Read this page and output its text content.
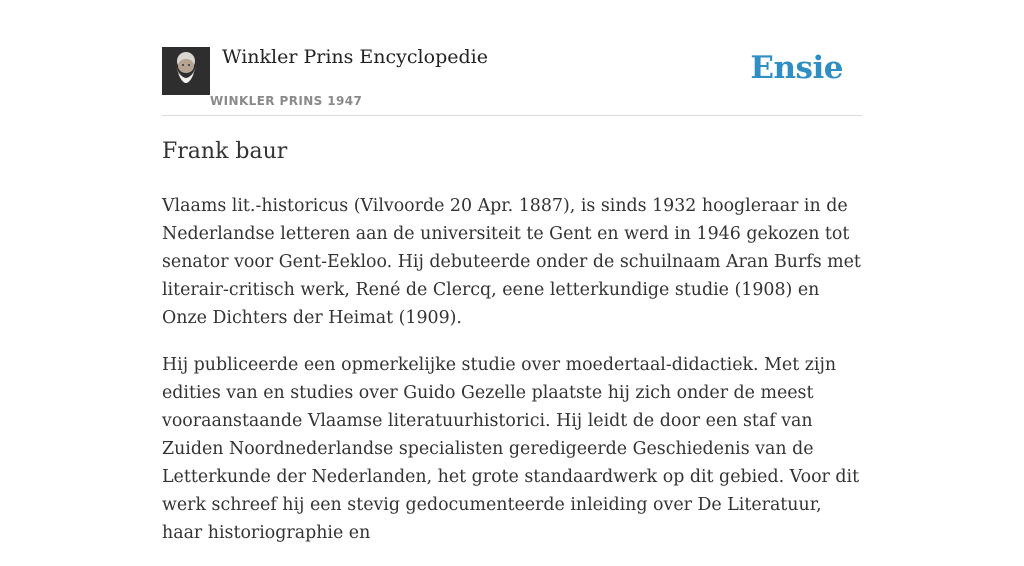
Winkler Prins Encyclopedie
WINKLER PRINS 1947
Ensie
Frank baur

Vlaams lit.-historicus (Vilvoorde 20 Apr. 1887), is sinds 1932 hoogleraar in de Nederlandse letteren aan de universiteit te Gent en werd in 1946 gekozen tot senator voor Gent-Eekloo. Hij debuteerde onder de schuilnaam Aran Burfs met literair-critisch werk, René de Clercq, eene letterkundige studie (1908) en Onze Dichters der Heimat (1909).

Hij publiceerde een opmerkelijke studie over moedertaal-didactiek. Met zijn edities van en studies over Guido Gezelle plaatste hij zich onder de meest vooraanstaande Vlaamse literatuurhistorici. Hij leidt de door een staf van Zuiden Noordnederlandse specialisten geredigeerde Geschiedenis van de Letterkunde der Nederlanden, het grote standaardwerk op dit gebied. Voor dit werk schreef hij een stevig gedocumenteerde inleiding over De Literatuur, haar historiographie en
